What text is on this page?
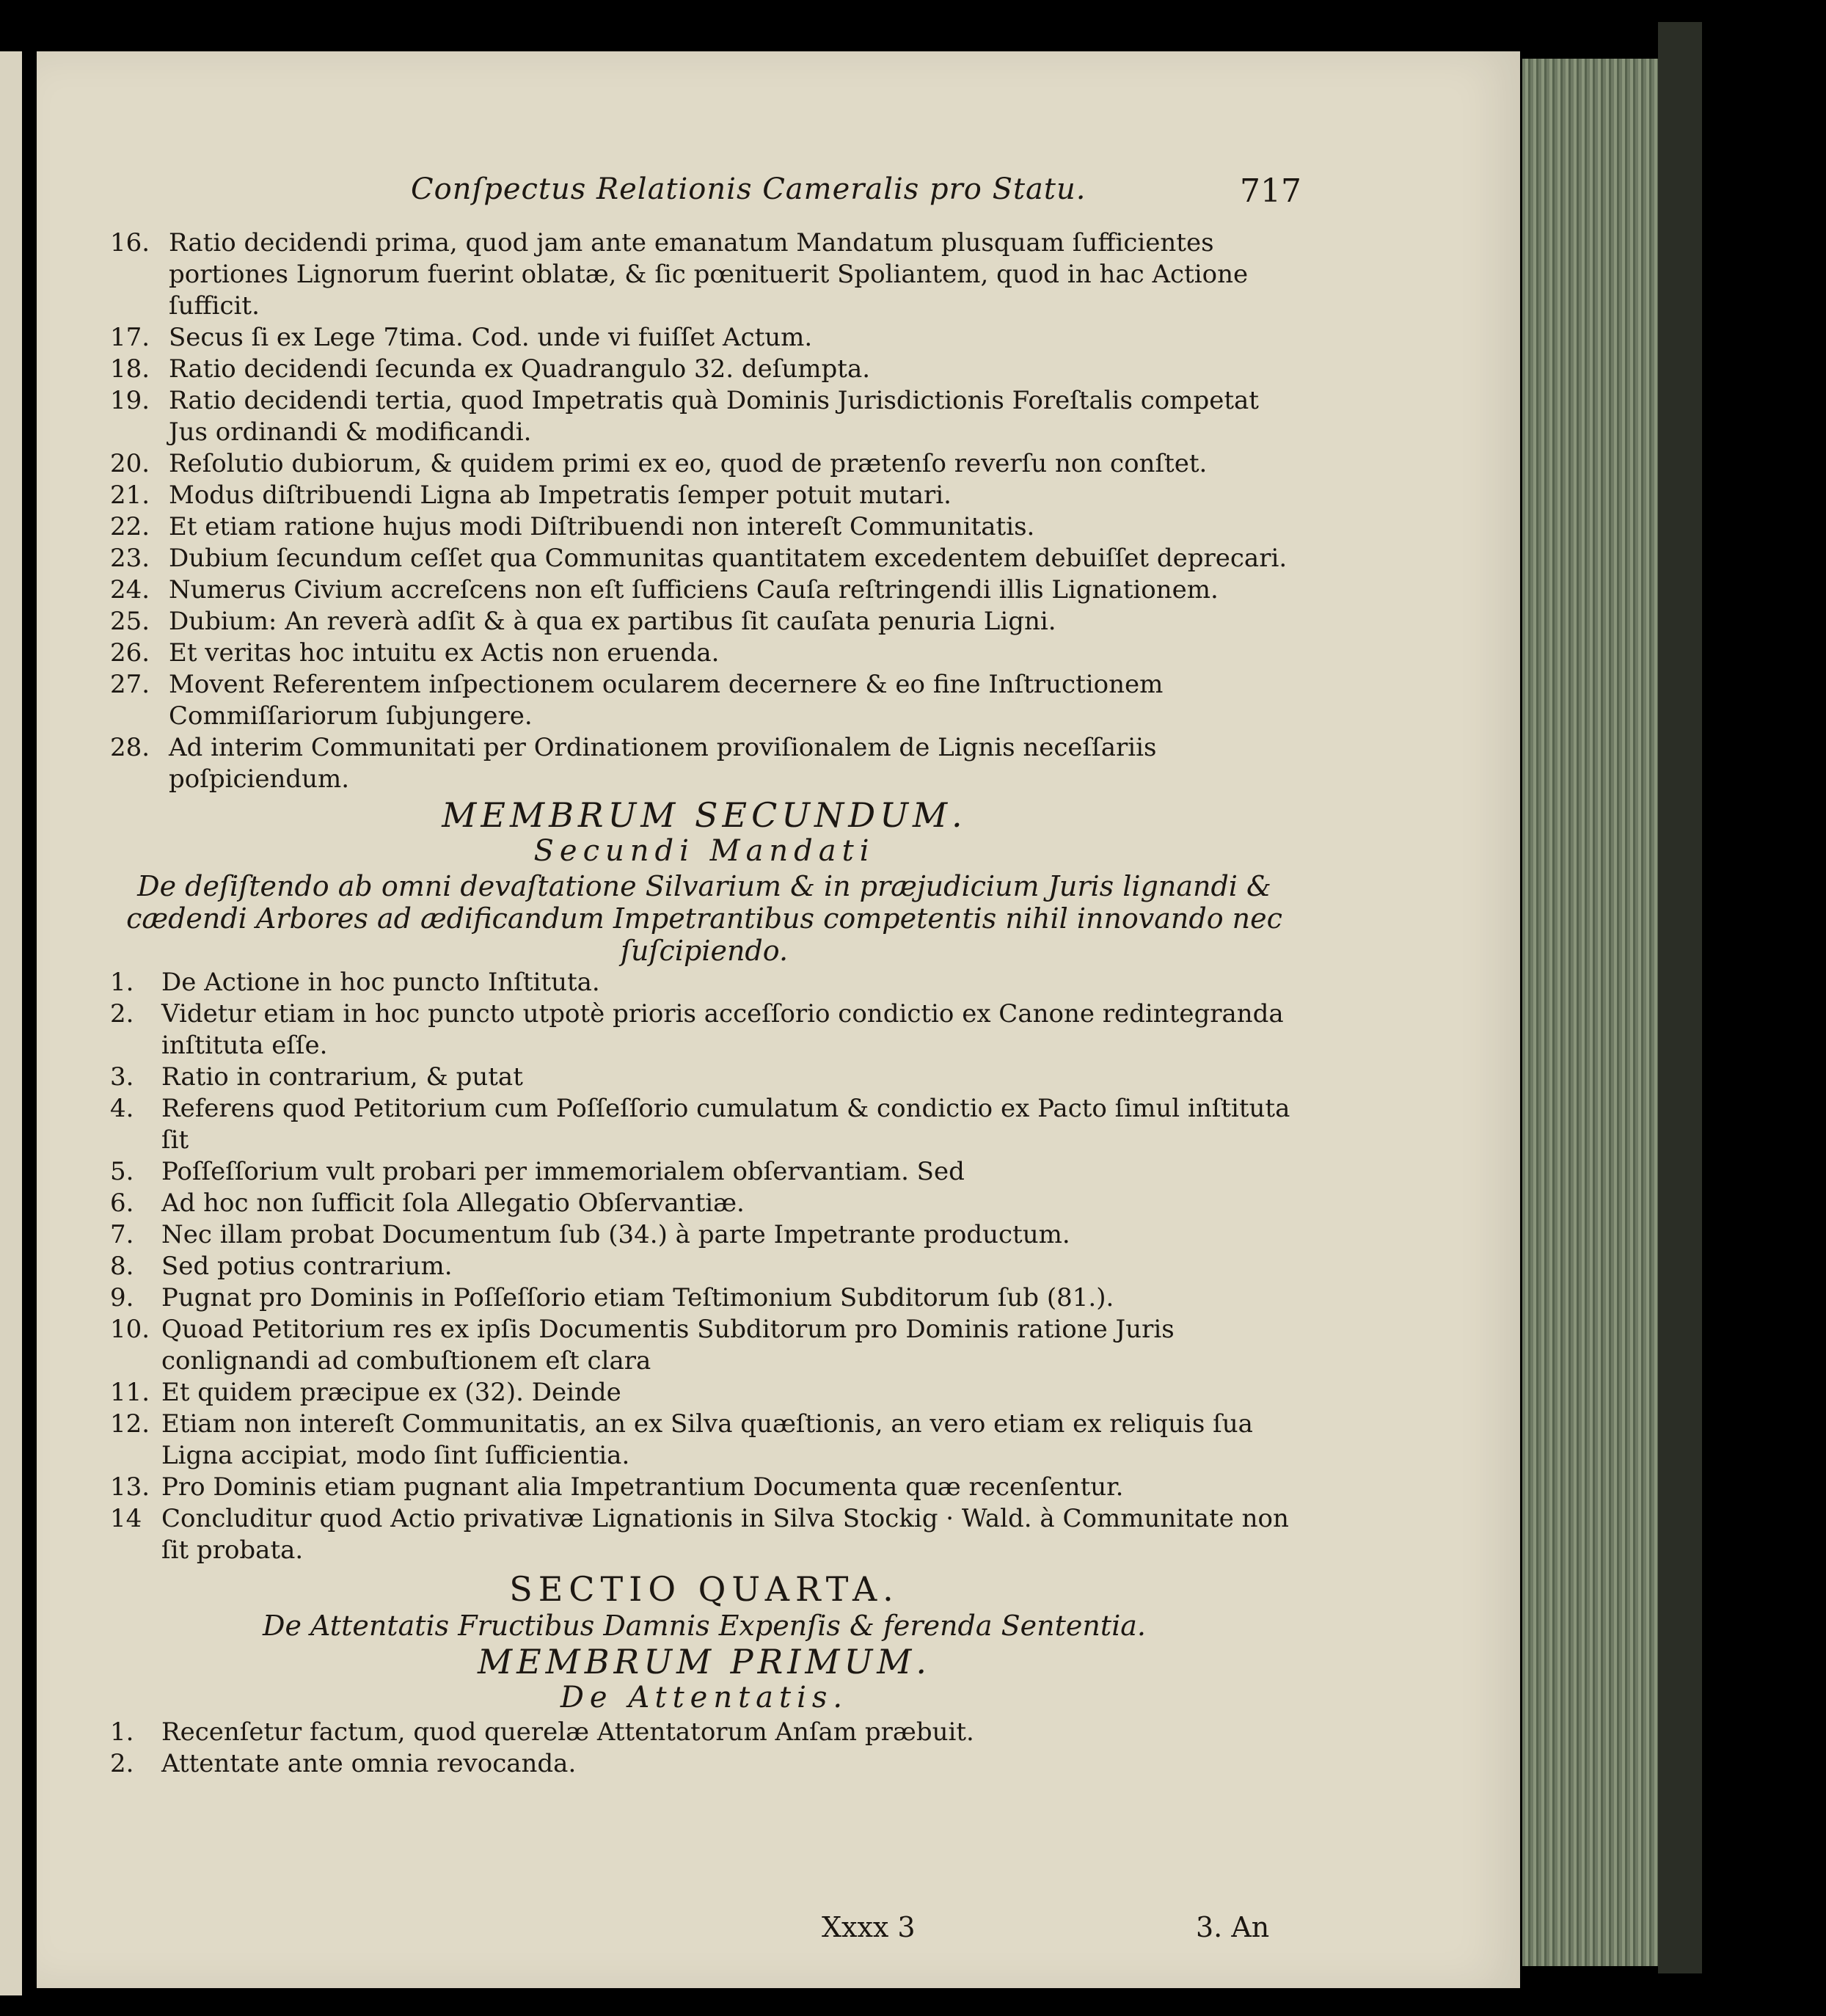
Conſpectus Relationis Cameralis pro Statu.	717
16. Ratio decidendi prima, quod jam ante emanatum Mandatum plusquam ſufficientes portiones Lignorum fuerint oblatæ, & ſic pœnituerit Spoliantem, quod in hac Actione ſufficit.
17. Secus ſi ex Lege 7tima. Cod. unde vi fuiſſet Actum.
18. Ratio decidendi ſecunda ex Quadrangulo 32. deſumpta.
19. Ratio decidendi tertia, quod Impetratis quà Dominis Jurisdictionis Foreſtalis competat Jus ordinandi & modificandi.
20. Reſolutio dubiorum, & quidem primi ex eo, quod de prætenſo reverſu non conſtet.
21. Modus diſtribuendi Ligna ab Impetratis ſemper potuit mutari.
22. Et etiam ratione hujus modi Diſtribuendi non intereſt Communitatis.
23. Dubium ſecundum ceſſet qua Communitas quantitatem excedentem debuiſſet deprecari.
24. Numerus Civium accreſcens non eſt ſufficiens Cauſa reſtringendi illis Lignationem.
25. Dubium: An reverà adſit & à qua ex partibus ſit cauſata penuria Ligni.
26. Et veritas hoc intuitu ex Actis non eruenda.
27. Movent Referentem inſpectionem ocularem decernere & eo fine Inſtructionem Commiſſariorum ſubjungere.
28. Ad interim Communitati per Ordinationem proviſionalem de Lignis neceſſariis poſpiciendum.
MEMBRUM SECUNDUM.
Secundi Mandati
De deſiſtendo ab omni devaſtatione Silvarium & in præjudicium Juris lignandi & cædendi Arbores ad ædificandum Impetrantibus competentis nihil innovando nec ſuſcipiendo.
1.	De Actione in hoc puncto Inſtituta.
2.	Videtur etiam in hoc puncto utpotè prioris acceſſorio condictio ex Canone redintegranda inſtituta eſſe.
3.	Ratio in contrarium, & putat
4.	Referens quod Petitorium cum Poſſeſſorio cumulatum & condictio ex Pacto ſimul inſtituta ſit
5.	Poſſeſſorium vult probari per immemorialem obſervantiam. Sed
6.	Ad hoc non ſufficit ſola Allegatio Obſervantiæ.
7.	Nec illam probat Documentum ſub (34.) à parte Impetrante productum.
8.	Sed potius contrarium.
9.	Pugnat pro Dominis in Poſſeſſorio etiam Teſtimonium Subditorum ſub (81.).
10. Quoad Petitorium res ex ipſis Documentis Subditorum pro Dominis ratione Juris conlignandi ad combuſtionem eſt clara
11. Et quidem præcipue ex (32). Deinde
12. Etiam non intereſt Communitatis, an ex Silva quæſtionis, an vero etiam ex reliquis ſua Ligna accipiat, modo ſint ſufficientia.
13. Pro Dominis etiam pugnant alia Impetrantium Documenta quæ recenſentur.
14 Concluditur quod Actio privativæ Lignationis in Silva Stockig · Wald. à Communitate non ſit probata.
SECTIO QUARTA.
De Attentatis Fructibus Damnis Expenſis & ferenda Sententia.
MEMBRUM PRIMUM.
De Attentatis.
1.	Recenſetur factum, quod querelæ Attentatorum Anſam præbuit.
2.	Attentate ante omnia revocanda.
Xxxx 3	3. An
